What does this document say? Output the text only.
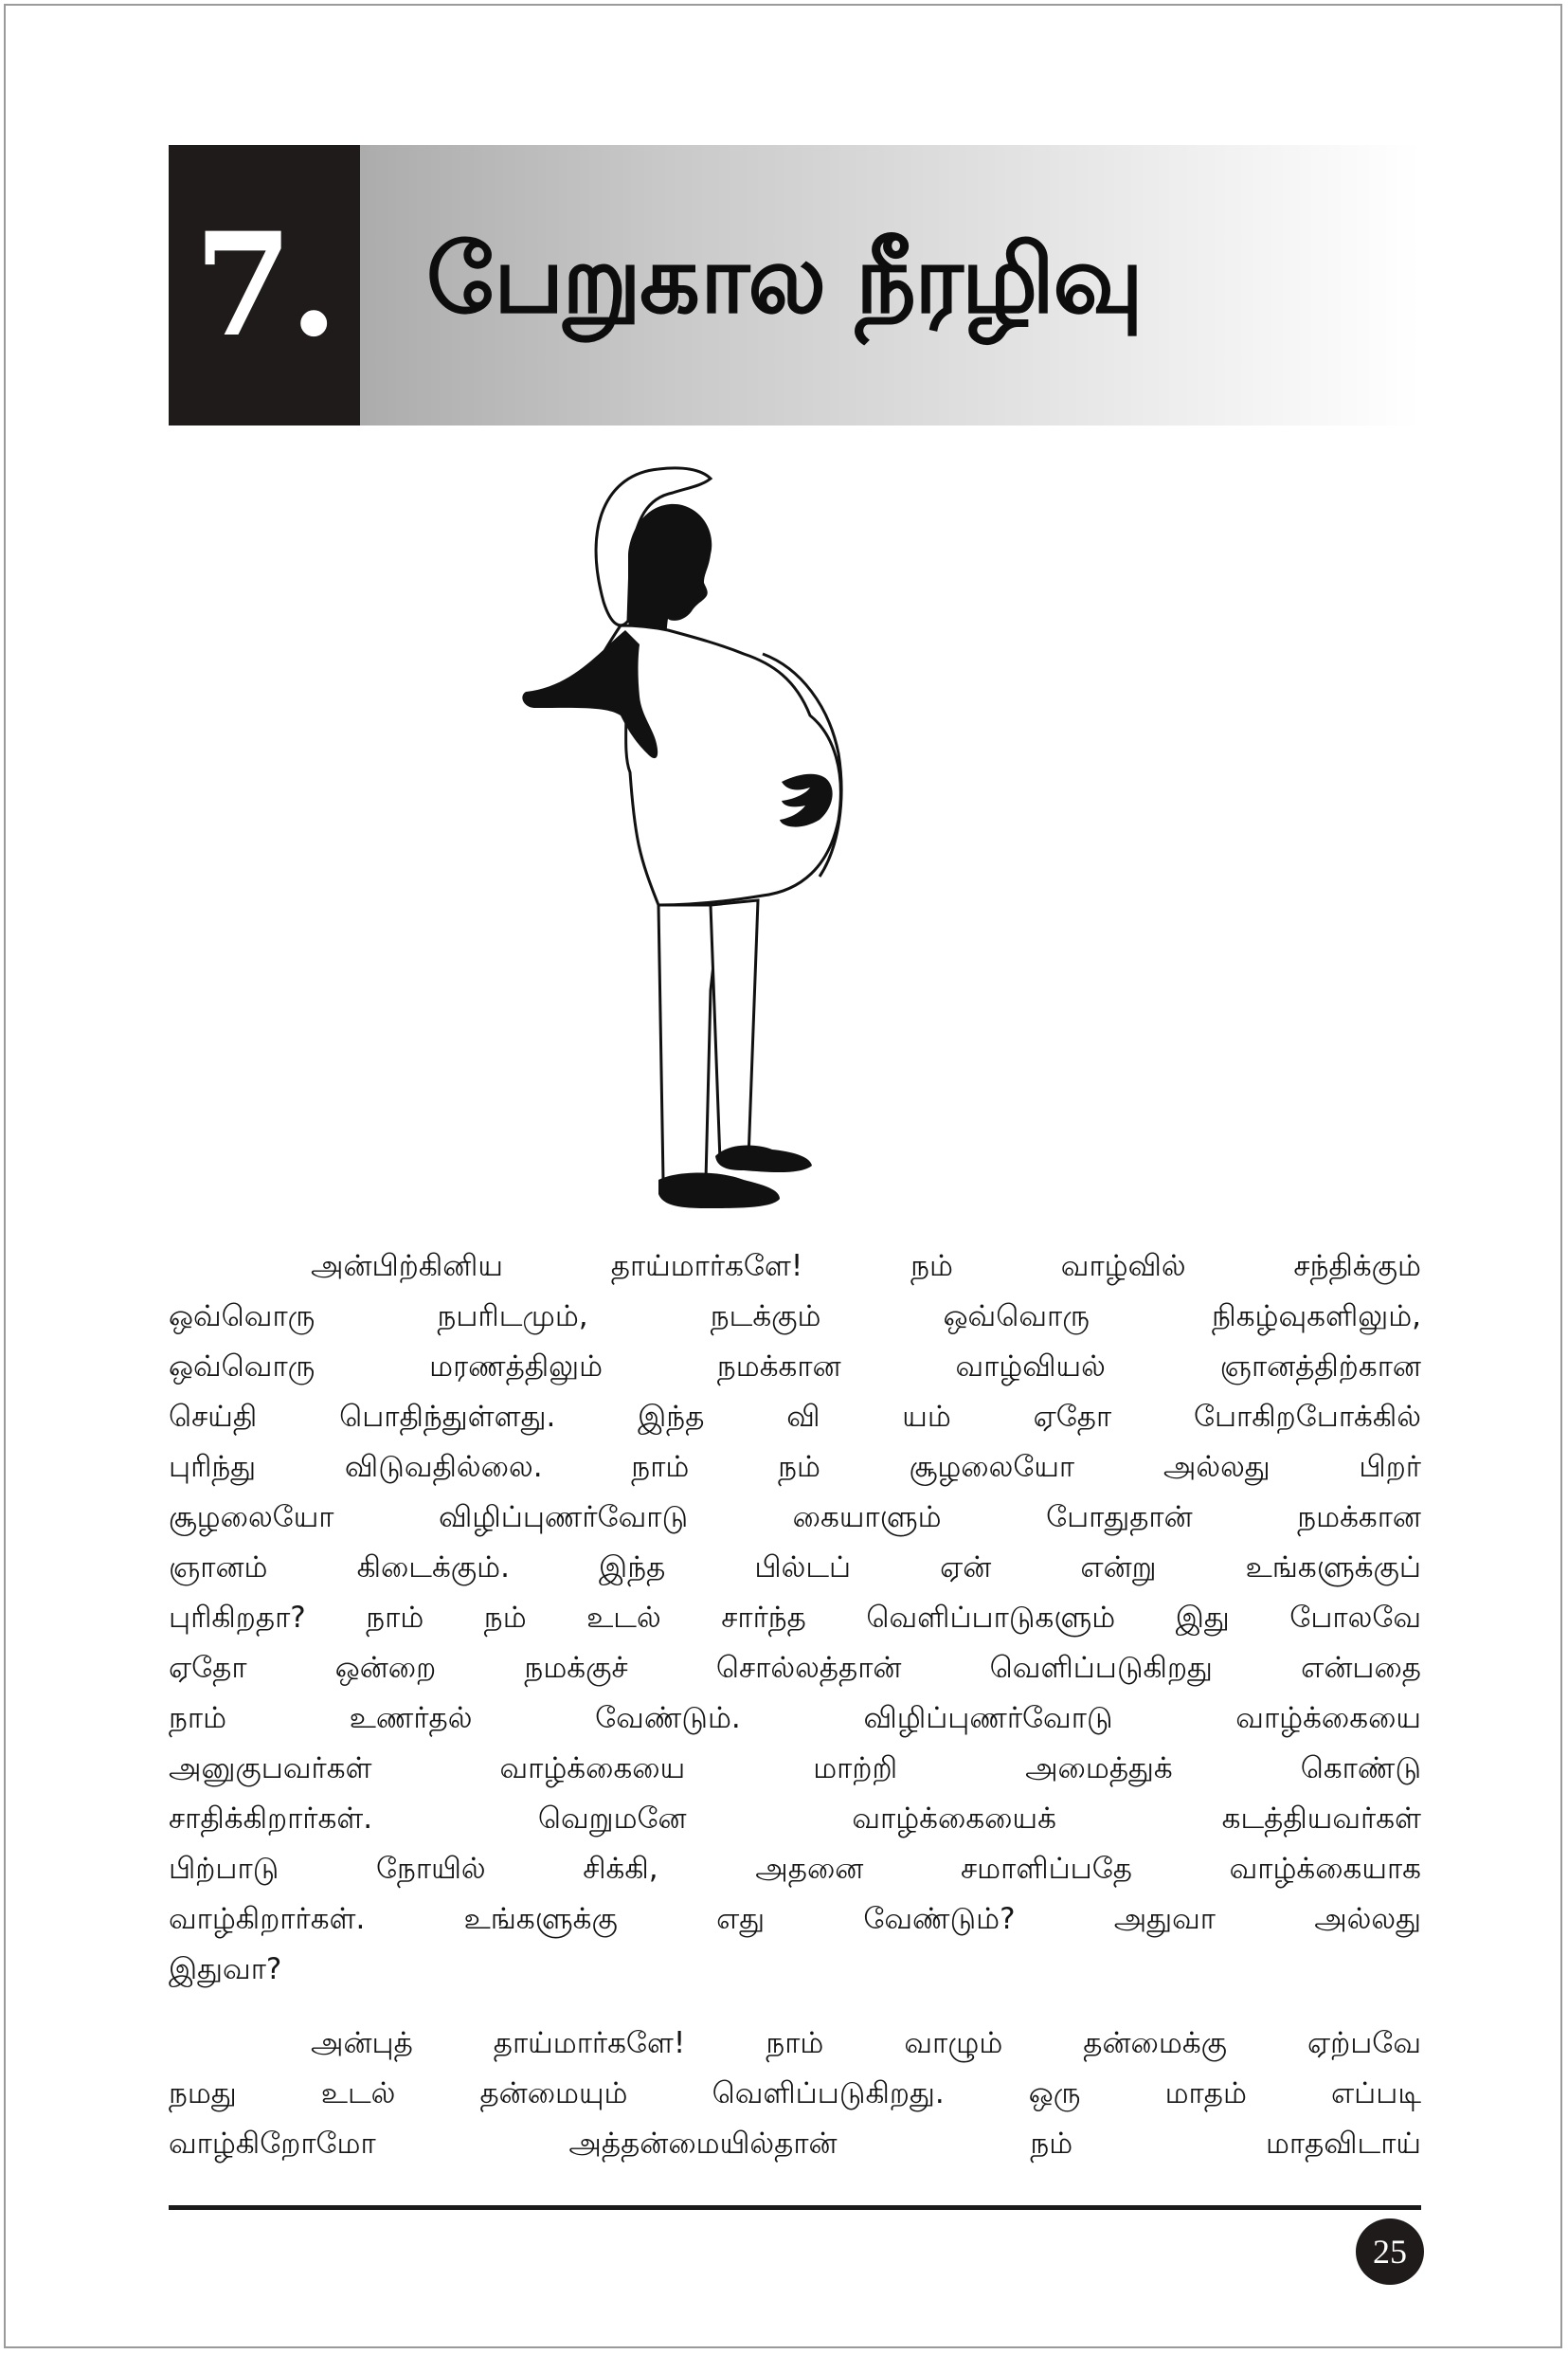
7. பேறுகால நீரழிவு
அன்பிற்கினிய தாய்மார்களே! நம் வாழ்வில் சந்திக்கும்
ஒவ்வொரு நபரிடமும், நடக்கும் ஒவ்வொரு நிகழ்வுகளிலும்,
ஒவ்வொரு மரணத்திலும் நமக்கான வாழ்வியல் ஞானத்திற்கான
செய்தி பொதிந்துள்ளது. இந்த வி யம் ஏதோ போகிறபோக்கில்
புரிந்து விடுவதில்லை. நாம் நம் சூழலையோ அல்லது பிறர்
சூழலையோ விழிப்புணர்வோடு கையாளும் போதுதான் நமக்கான
ஞானம் கிடைக்கும். இந்த பில்டப் ஏன் என்று உங்களுக்குப்
புரிகிறதா? நாம் நம் உடல் சார்ந்த வெளிப்பாடுகளும் இது போலவே
ஏதோ ஒன்றை நமக்குச் சொல்லத்தான் வெளிப்படுகிறது என்பதை
நாம் உணர்தல் வேண்டும். விழிப்புணர்வோடு வாழ்க்கையை
அனுகுபவர்கள் வாழ்க்கையை மாற்றி அமைத்துக் கொண்டு
சாதிக்கிறார்கள். வெறுமனே வாழ்க்கையைக் கடத்தியவர்கள்
பிற்பாடு நோயில் சிக்கி, அதனை சமாளிப்பதே வாழ்க்கையாக
வாழ்கிறார்கள். உங்களுக்கு எது வேண்டும்? அதுவா அல்லது
இதுவா?
அன்புத் தாய்மார்களே! நாம் வாழும் தன்மைக்கு ஏற்பவே
நமது உடல் தன்மையும் வெளிப்படுகிறது. ஒரு மாதம் எப்படி
வாழ்கிறோமோ அத்தன்மையில்தான் நம் மாதவிடாய்
25
